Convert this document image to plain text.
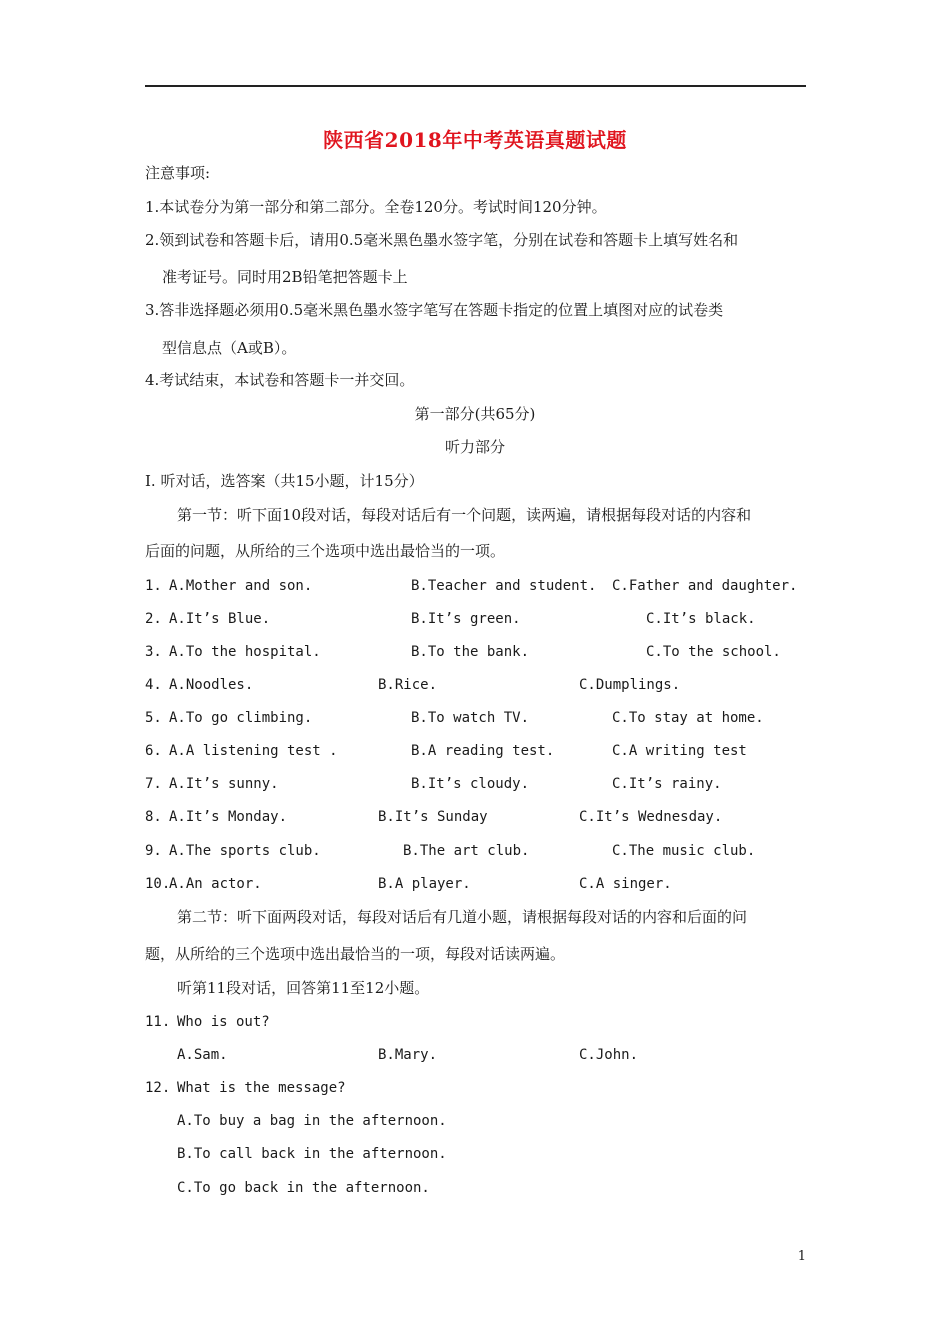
陕西省2018年中考英语真题试题
注意事项:
1.本试卷分为第一部分和第二部分。全卷120分。考试时间120分钟。
2.领到试卷和答题卡后，请用0.5毫米黑色墨水签字笔，分别在试卷和答题卡上填写姓名和
准考证号。同时用2B铅笔把答题卡上
3.答非选择题必须用0.5毫米黑色墨水签字笔写在答题卡指定的位置上填图对应的试卷类
型信息点（A或B）。
4.考试结束，本试卷和答题卡一并交回。
第一部分(共65分)
听力部分
Ⅰ. 听对话，选答案（共15小题，计15分）
第一节：听下面10段对话，每段对话后有一个问题，读两遍，请根据每段对话的内容和
后面的问题，从所给的三个选项中选出最恰当的一项。
1. A.Mother and son.	B.Teacher and student. C.Father and daughter.
2. A.It’s Blue.	B.It’s green.	C.It’s black.
3. A.To the hospital.	B.To the bank.	C.To the school.
4. A.Noodles.	B.Rice.	C.Dumplings.
5. A.To go climbing.	B.To watch TV.	C.To stay at home.
6. A.A listening test .	B.A reading test.	C.A writing test
7. A.It’s sunny.	B.It’s cloudy.	C.It’s rainy.
8. A.It’s Monday.	B.It’s Sunday	C.It’s Wednesday.
9. A.The sports club.	B.The art club.	C.The music club.
10.
A.An actor.	B.A player.	C.A singer.
第二节：听下面两段对话，每段对话后有几道小题，请根据每段对话的内容和后面的问
题，从所给的三个选项中选出最恰当的一项，每段对话读两遍。
听第11段对话，回答第11至12小题。
11. Who is out?
A.Sam.	B.Mary.	C.John.
12. What is the message?
A.To buy a bag in the afternoon.
B.To call back in the afternoon.
C.To go back in the afternoon.
1
